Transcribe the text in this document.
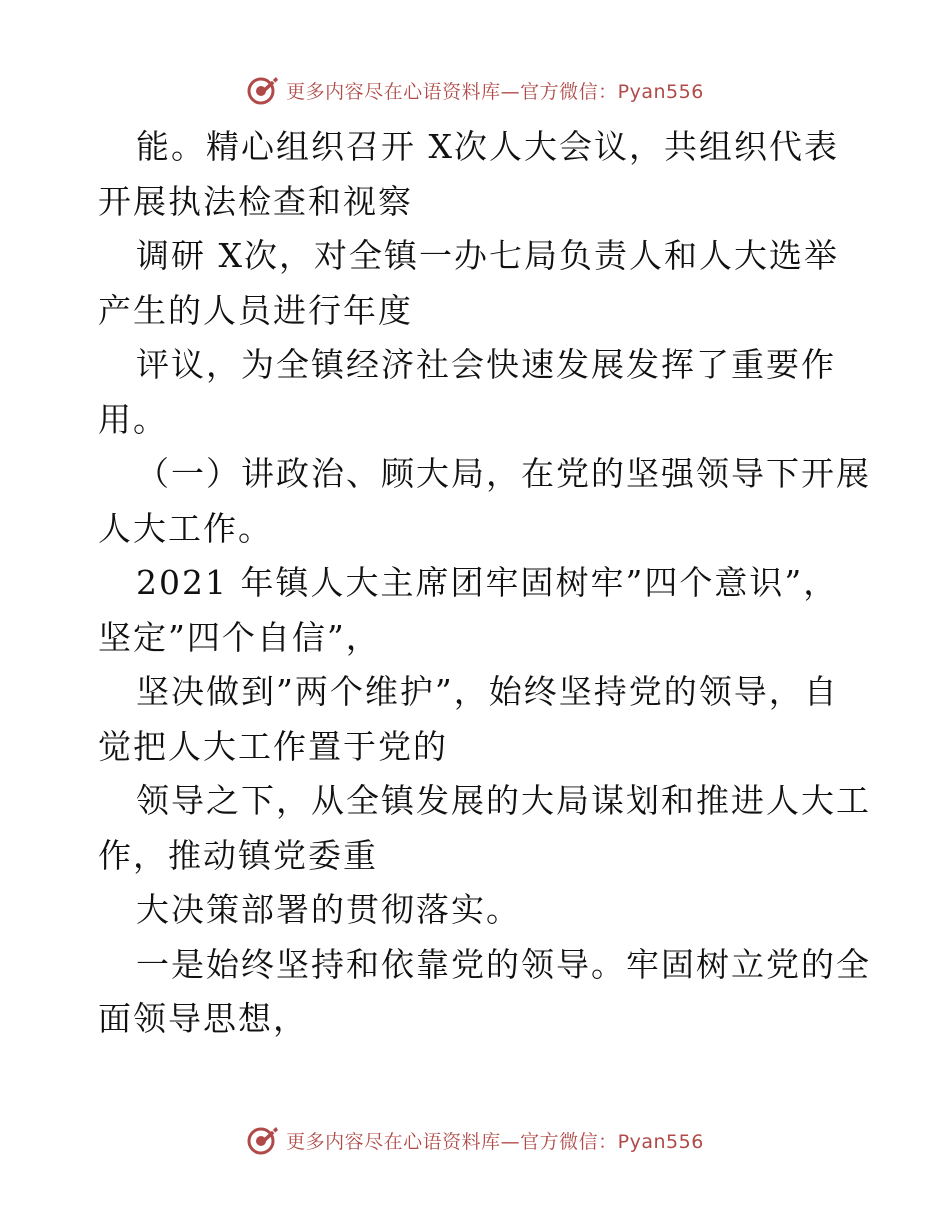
更多内容尽在心语资料库—官方微信：Pyan556
能。精心组织召开 X次人大会议，共组织代表
开展执法检查和视察
调研 X次，对全镇一办七局负责人和人大选举
产生的人员进行年度
评议，为全镇经济社会快速发展发挥了重要作
用。
（一）讲政治、顾大局，在党的坚强领导下开展
人大工作。
2021 年镇人大主席团牢固树牢”四个意识”，
坚定”四个自信”，
坚决做到”两个维护”，始终坚持党的领导，自
觉把人大工作置于党的
领导之下，从全镇发展的大局谋划和推进人大工
作，推动镇党委重
大决策部署的贯彻落实。
一是始终坚持和依靠党的领导。牢固树立党的全
面领导思想，
更多内容尽在心语资料库—官方微信：Pyan556
